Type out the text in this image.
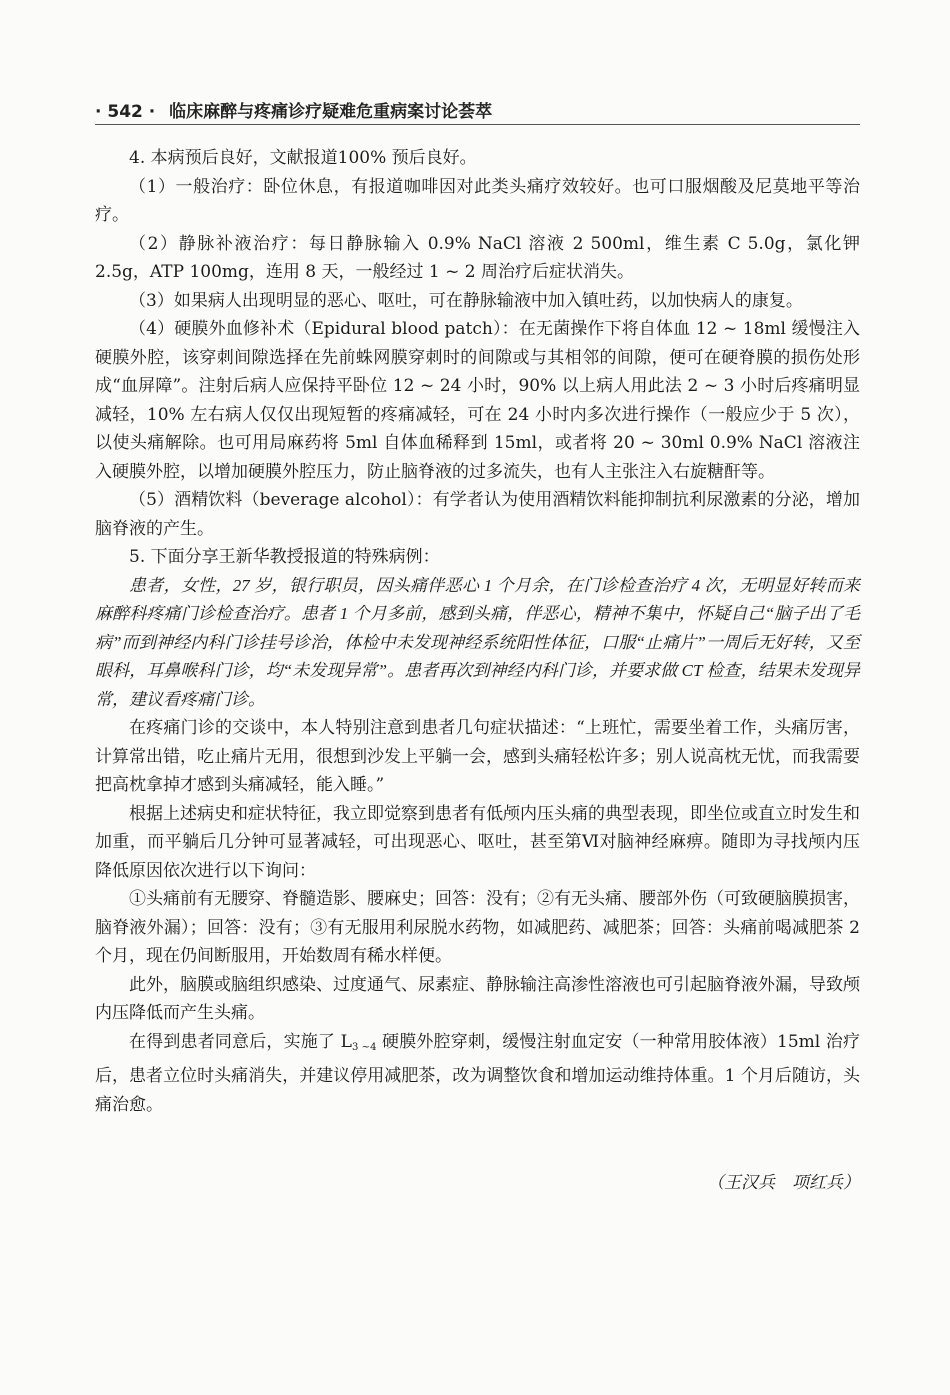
· 542 · 临床麻醉与疼痛诊疗疑难危重病案讨论荟萃

4. 本病预后良好，文献报道100% 预后良好。

（1）一般治疗：卧位休息，有报道咖啡因对此类头痛疗效较好。也可口服烟酸及尼莫地平等治疗。

（2）静脉补液治疗：每日静脉输入 0.9% NaCl 溶液 2 500ml，维生素 C 5.0g，氯化钾 2.5g，ATP 100mg，连用 8 天，一般经过 1 ~ 2 周治疗后症状消失。

（3）如果病人出现明显的恶心、呕吐，可在静脉输液中加入镇吐药，以加快病人的康复。

（4）硬膜外血修补术（Epidural blood patch）：在无菌操作下将自体血 12 ~ 18ml 缓慢注入硬膜外腔，该穿刺间隙选择在先前蛛网膜穿刺时的间隙或与其相邻的间隙，便可在硬脊膜的损伤处形成“血屏障”。注射后病人应保持平卧位 12 ~ 24 小时，90% 以上病人用此法 2 ~ 3 小时后疼痛明显减轻，10% 左右病人仅仅出现短暂的疼痛减轻，可在 24 小时内多次进行操作（一般应少于 5 次），以使头痛解除。也可用局麻药将 5ml 自体血稀释到 15ml，或者将 20 ~ 30ml 0.9% NaCl 溶液注入硬膜外腔，以增加硬膜外腔压力，防止脑脊液的过多流失，也有人主张注入右旋糖酐等。

（5）酒精饮料（beverage alcohol）：有学者认为使用酒精饮料能抑制抗利尿激素的分泌，增加脑脊液的产生。

5. 下面分享王新华教授报道的特殊病例：

患者，女性，27 岁，银行职员，因头痛伴恶心 1 个月余，在门诊检查治疗 4 次，无明显好转而来麻醉科疼痛门诊检查治疗。患者 1 个月多前，感到头痛，伴恶心，精神不集中，怀疑自己“脑子出了毛病”而到神经内科门诊挂号诊治，体检中未发现神经系统阳性体征，口服“止痛片”一周后无好转，又至眼科，耳鼻喉科门诊，均“未发现异常”。患者再次到神经内科门诊，并要求做 CT 检查，结果未发现异常，建议看疼痛门诊。

在疼痛门诊的交谈中，本人特别注意到患者几句症状描述：“上班忙，需要坐着工作，头痛厉害，计算常出错，吃止痛片无用，很想到沙发上平躺一会，感到头痛轻松许多；别人说高枕无忧，而我需要把高枕拿掉才感到头痛减轻，能入睡。”

根据上述病史和症状特征，我立即觉察到患者有低颅内压头痛的典型表现，即坐位或直立时发生和加重，而平躺后几分钟可显著减轻，可出现恶心、呕吐，甚至第Ⅵ对脑神经麻痹。随即为寻找颅内压降低原因依次进行以下询问：

①头痛前有无腰穿、脊髓造影、腰麻史；回答：没有；②有无头痛、腰部外伤（可致硬脑膜损害，脑脊液外漏）；回答：没有；③有无服用利尿脱水药物，如减肥药、减肥茶；回答：头痛前喝减肥茶 2 个月，现在仍间断服用，开始数周有稀水样便。

此外，脑膜或脑组织感染、过度通气、尿素症、静脉输注高渗性溶液也可引起脑脊液外漏，导致颅内压降低而产生头痛。

在得到患者同意后，实施了 $L_{3 \sim 4}$ 硬膜外腔穿刺，缓慢注射血定安（一种常用胶体液）15ml 治疗后，患者立位时头痛消失，并建议停用减肥茶，改为调整饮食和增加运动维持体重。1 个月后随访，头痛治愈。

（王汉兵　项红兵）
